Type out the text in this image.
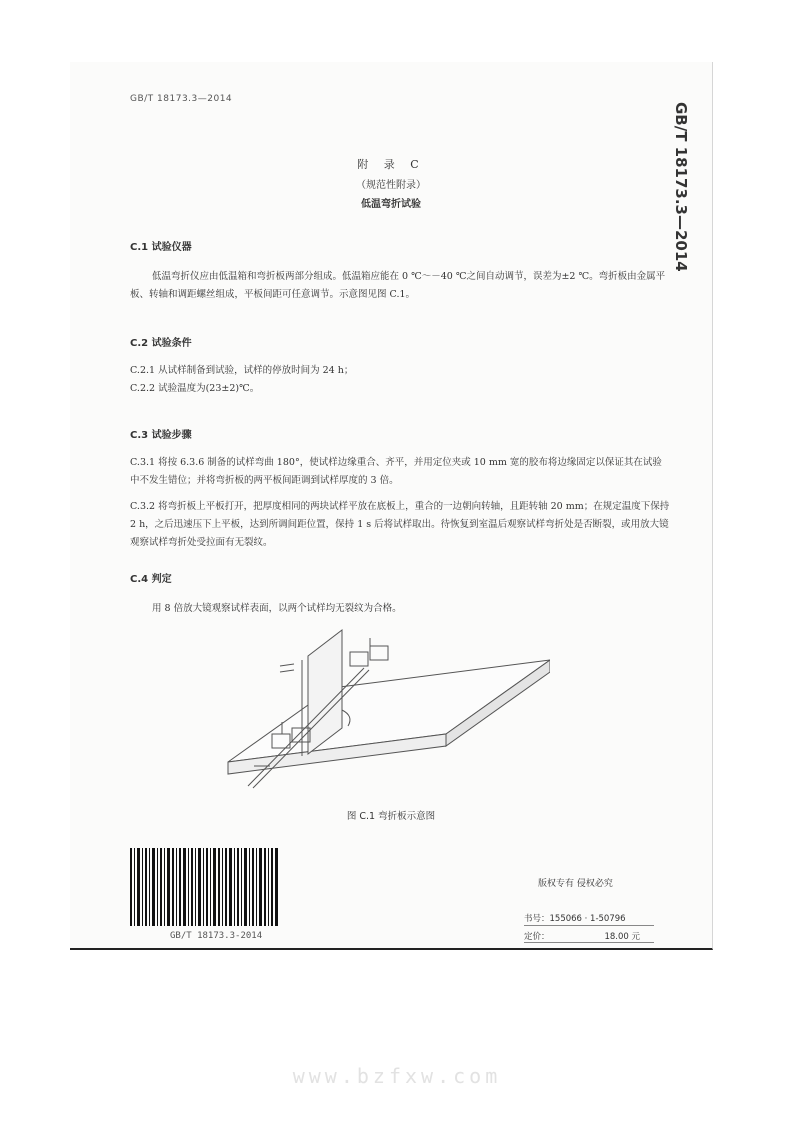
GB/T 18173.3—2014
GB/T 18173.3—2014
附 录 C
（规范性附录）
低温弯折试验
C.1 试验仪器
低温弯折仪应由低温箱和弯折板两部分组成。低温箱应能在 0 ℃～－40 ℃之间自动调节，误差为±2 ℃。弯折板由金属平板、转轴和调距螺丝组成，平板间距可任意调节。示意图见图 C.1。
C.2 试验条件
C.2.1 从试样制备到试验，试样的停放时间为 24 h；
C.2.2 试验温度为(23±2)℃。
C.3 试验步骤
C.3.1 将按 6.3.6 制备的试样弯曲 180°，使试样边缘重合、齐平，并用定位夹或 10 mm 宽的胶布将边缘固定以保证其在试验中不发生错位；并将弯折板的两平板间距调到试样厚度的 3 倍。
C.3.2 将弯折板上平板打开，把厚度相同的两块试样平放在底板上，重合的一边朝向转轴，且距转轴 20 mm；在规定温度下保持 2 h，之后迅速压下上平板，达到所调间距位置，保持 1 s 后将试样取出。待恢复到室温后观察试样弯折处是否断裂，或用放大镜观察试样弯折处受拉面有无裂纹。
C.4 判定
用 8 倍放大镜观察试样表面，以两个试样均无裂纹为合格。
图 C.1 弯折板示意图
GB/T 18173.3-2014
版权专有 侵权必究
书号：155066 · 1-50796
定价：	18.00 元
www.bzfxw.com
